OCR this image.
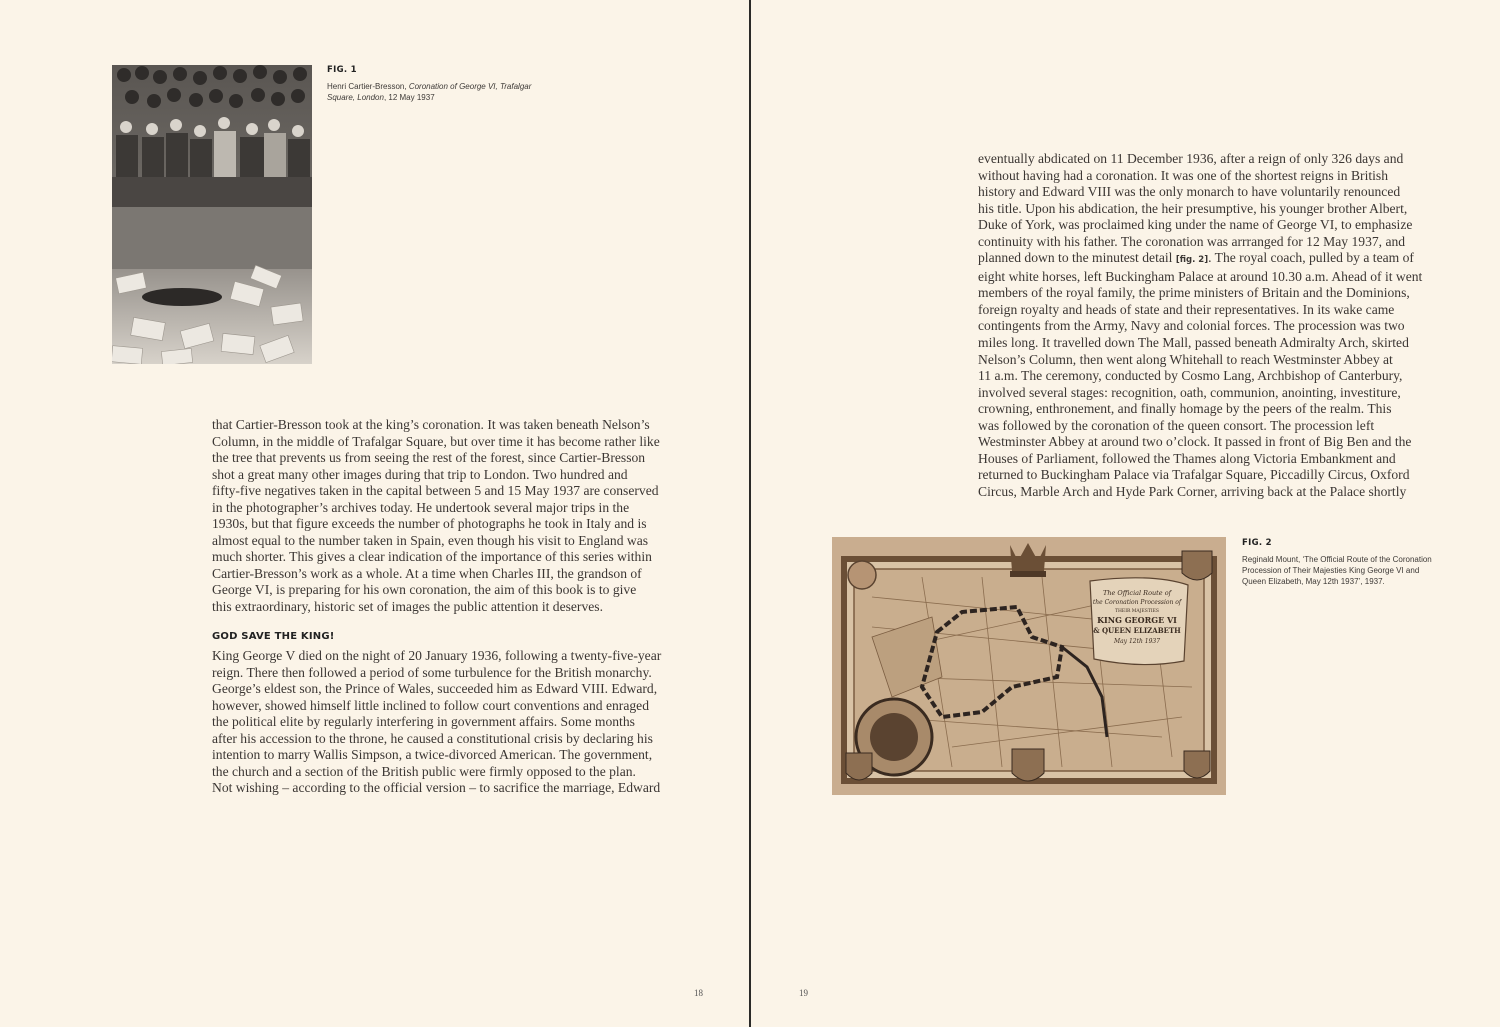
FIG. 1
Henri Cartier-Bresson, Coronation of George VI, Trafalgar
Square, London, 12 May 1937
that Cartier-Bresson took at the king’s coronation. It was taken beneath Nelson’s
Column, in the middle of Trafalgar Square, but over time it has become rather like
the tree that prevents us from seeing the rest of the forest, since Cartier-Bresson
shot a great many other images during that trip to London. Two hundred and
fifty-five negatives taken in the capital between 5 and 15 May 1937 are conserved
in the photographer’s archives today. He undertook several major trips in the
1930s, but that figure exceeds the number of photographs he took in Italy and is
almost equal to the number taken in Spain, even though his visit to England was
much shorter. This gives a clear indication of the importance of this series within
Cartier-Bresson’s work as a whole. At a time when Charles III, the grandson of
George VI, is preparing for his own coronation, the aim of this book is to give
this extraordinary, historic set of images the public attention it deserves.
GOD SAVE THE KING!
King George V died on the night of 20 January 1936, following a twenty-five-year
reign. There then followed a period of some turbulence for the British monarchy.
George’s eldest son, the Prince of Wales, succeeded him as Edward VIII. Edward,
however, showed himself little inclined to follow court conventions and enraged
the political elite by regularly interfering in government affairs. Some months
after his accession to the throne, he caused a constitutional crisis by declaring his
intention to marry Wallis Simpson, a twice-divorced American. The government,
the church and a section of the British public were firmly opposed to the plan.
Not wishing – according to the official version – to sacrifice the marriage, Edward
18
eventually abdicated on 11 December 1936, after a reign of only 326 days and
without having had a coronation. It was one of the shortest reigns in British
history and Edward VIII was the only monarch to have voluntarily renounced
his title. Upon his abdication, the heir presumptive, his younger brother Albert,
Duke of York, was proclaimed king under the name of George VI, to emphasize
continuity with his father. The coronation was arrranged for 12 May 1937, and
planned down to the minutest detail [fig. 2]. The royal coach, pulled by a team of
eight white horses, left Buckingham Palace at around 10.30 a.m. Ahead of it went
members of the royal family, the prime ministers of Britain and the Dominions,
foreign royalty and heads of state and their representatives. In its wake came
contingents from the Army, Navy and colonial forces. The procession was two
miles long. It travelled down The Mall, passed beneath Admiralty Arch, skirted
Nelson’s Column, then went along Whitehall to reach Westminster Abbey at
11 a.m. The ceremony, conducted by Cosmo Lang, Archbishop of Canterbury,
involved several stages: recognition, oath, communion, anointing, investiture,
crowning, enthronement, and finally homage by the peers of the realm. This
was followed by the coronation of the queen consort. The procession left
Westminster Abbey at around two o’clock. It passed in front of Big Ben and the
Houses of Parliament, followed the Thames along Victoria Embankment and
returned to Buckingham Palace via Trafalgar Square, Piccadilly Circus, Oxford
Circus, Marble Arch and Hyde Park Corner, arriving back at the Palace shortly
The Official Route of
the Coronation Procession of
THEIR MAJESTIES
KING GEORGE VI
& QUEEN ELIZABETH
May 12th 1937
FIG. 2
Reginald Mount, ‘The Official Route of the Coronation
Procession of Their Majesties King George VI and
Queen Elizabeth, May 12th 1937’, 1937.
19
